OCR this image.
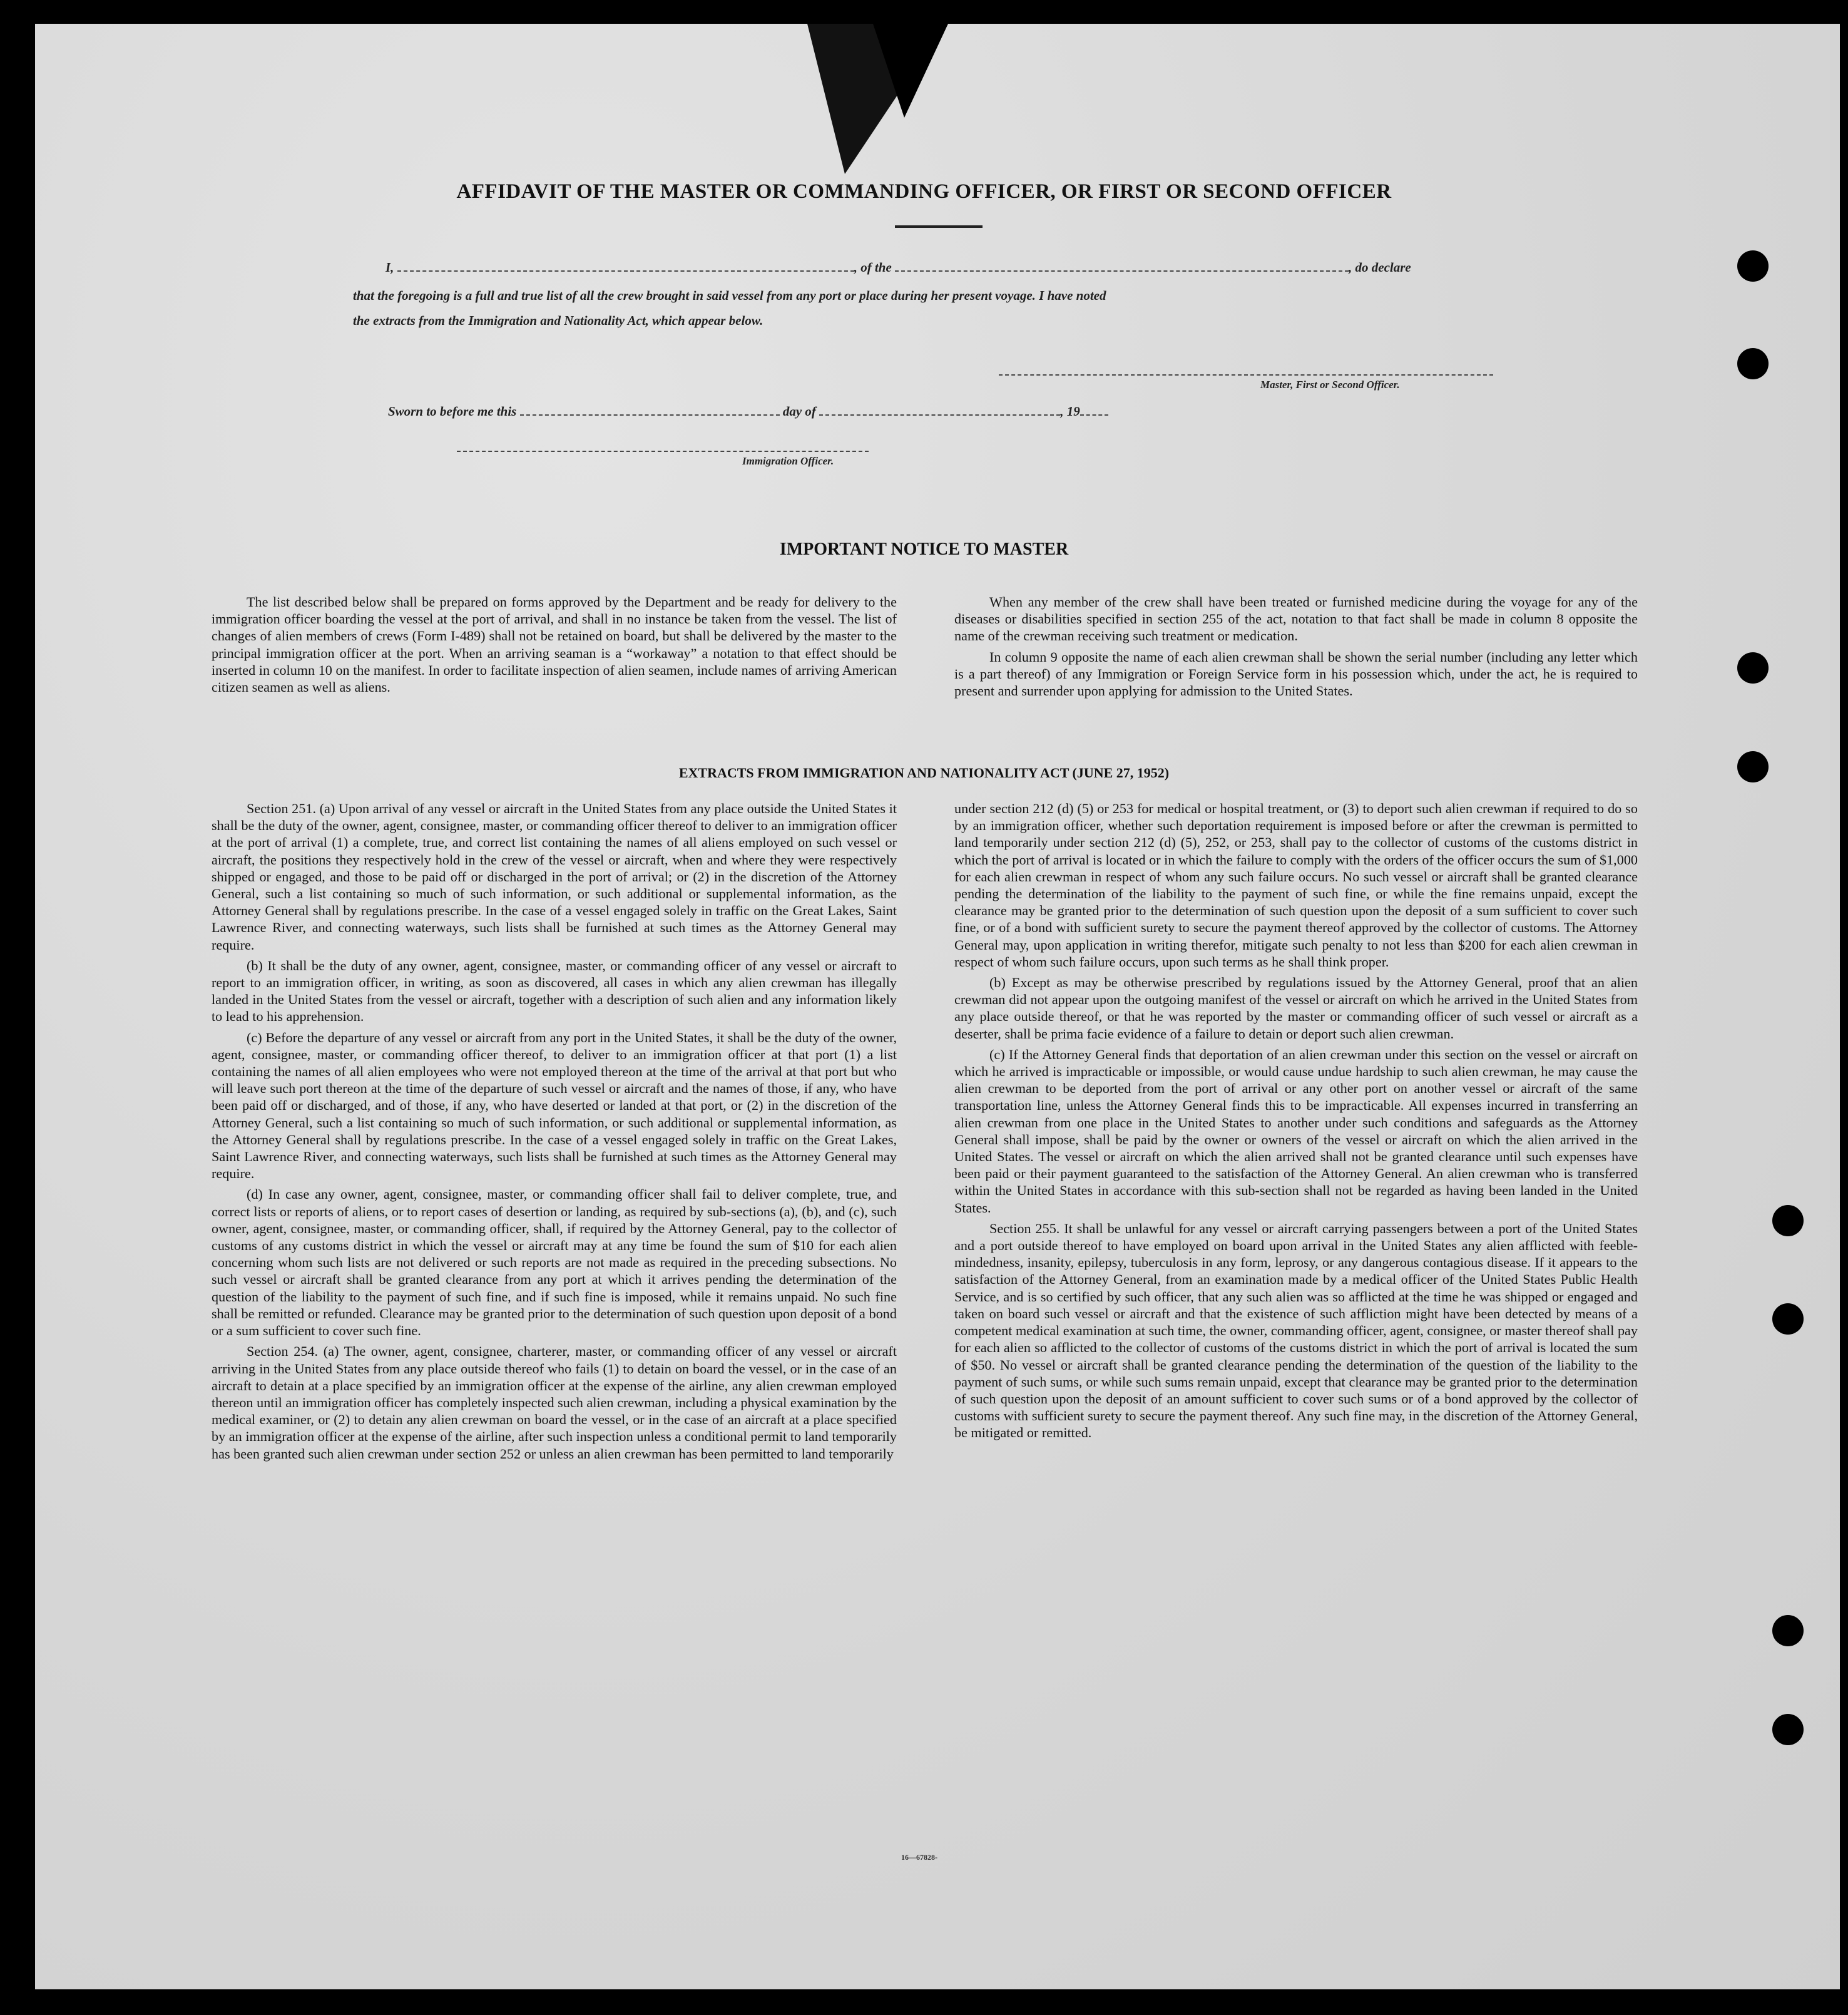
AFFIDAVIT OF THE MASTER OR COMMANDING OFFICER, OR FIRST OR SECOND OFFICER
I,	, of the	, do declare
that the foregoing is a full and true list of all the crew brought in said vessel from any port or place during her present voyage. I have noted
the extracts from the Immigration and Nationality Act, which appear below.
Master, First or Second Officer.
Sworn to before me this	day of	, 19
Immigration Officer.
IMPORTANT NOTICE TO MASTER

The list described below shall be prepared on forms approved by the Department and be ready for delivery to the immigration officer boarding the vessel at the port of arrival, and shall in no instance be taken from the vessel. The list of changes of alien members of crews (Form I-489) shall not be retained on board, but shall be delivered by the master to the principal immigration officer at the port. When an arriving seaman is a “workaway” a notation to that effect should be inserted in column 10 on the manifest. In order to facilitate inspection of alien seamen, include names of arriving American citizen seamen as well as aliens.

When any member of the crew shall have been treated or furnished medicine during the voyage for any of the diseases or disabilities specified in section 255 of the act, notation to that fact shall be made in column 8 opposite the name of the crewman receiving such treatment or medication.

In column 9 opposite the name of each alien crewman shall be shown the serial number (including any letter which is a part thereof) of any Immigration or Foreign Service form in his possession which, under the act, he is required to present and surrender upon applying for admission to the United States.

EXTRACTS FROM IMMIGRATION AND NATIONALITY ACT (JUNE 27, 1952)

Section 251. (a) Upon arrival of any vessel or aircraft in the United States from any place outside the United States it shall be the duty of the owner, agent, consignee, master, or commanding officer thereof to deliver to an immigration officer at the port of arrival (1) a complete, true, and correct list containing the names of all aliens employed on such vessel or aircraft, the positions they respectively hold in the crew of the vessel or aircraft, when and where they were respectively shipped or engaged, and those to be paid off or discharged in the port of arrival; or (2) in the discretion of the Attorney General, such a list containing so much of such information, or such additional or supplemental information, as the Attorney General shall by regulations prescribe. In the case of a vessel engaged solely in traffic on the Great Lakes, Saint Lawrence River, and connecting waterways, such lists shall be furnished at such times as the Attorney General may require.

(b) It shall be the duty of any owner, agent, consignee, master, or commanding officer of any vessel or aircraft to report to an immigration officer, in writing, as soon as discovered, all cases in which any alien crewman has illegally landed in the United States from the vessel or aircraft, together with a description of such alien and any information likely to lead to his apprehension.

(c) Before the departure of any vessel or aircraft from any port in the United States, it shall be the duty of the owner, agent, consignee, master, or commanding officer thereof, to deliver to an immigration officer at that port (1) a list containing the names of all alien employees who were not employed thereon at the time of the arrival at that port but who will leave such port thereon at the time of the departure of such vessel or aircraft and the names of those, if any, who have been paid off or discharged, and of those, if any, who have deserted or landed at that port, or (2) in the discretion of the Attorney General, such a list containing so much of such information, or such additional or supplemental information, as the Attorney General shall by regulations prescribe. In the case of a vessel engaged solely in traffic on the Great Lakes, Saint Lawrence River, and connecting waterways, such lists shall be furnished at such times as the Attorney General may require.

(d) In case any owner, agent, consignee, master, or commanding officer shall fail to deliver complete, true, and correct lists or reports of aliens, or to report cases of desertion or landing, as required by sub-sections (a), (b), and (c), such owner, agent, consignee, master, or commanding officer, shall, if required by the Attorney General, pay to the collector of customs of any customs district in which the vessel or aircraft may at any time be found the sum of $10 for each alien concerning whom such lists are not delivered or such reports are not made as required in the preceding subsections. No such vessel or aircraft shall be granted clearance from any port at which it arrives pending the determination of the question of the liability to the payment of such fine, and if such fine is imposed, while it remains unpaid. No such fine shall be remitted or refunded. Clearance may be granted prior to the determination of such question upon deposit of a bond or a sum sufficient to cover such fine.

Section 254. (a) The owner, agent, consignee, charterer, master, or commanding officer of any vessel or aircraft arriving in the United States from any place outside thereof who fails (1) to detain on board the vessel, or in the case of an aircraft to detain at a place specified by an immigration officer at the expense of the airline, any alien crewman employed thereon until an immigration officer has completely inspected such alien crewman, including a physical examination by the medical examiner, or (2) to detain any alien crewman on board the vessel, or in the case of an aircraft at a place specified by an immigration officer at the expense of the airline, after such inspection unless a conditional permit to land temporarily has been granted such alien crewman under section 252 or unless an alien crewman has been permitted to land temporarily

under section 212 (d) (5) or 253 for medical or hospital treatment, or (3) to deport such alien crewman if required to do so by an immigration officer, whether such deportation requirement is imposed before or after the crewman is permitted to land temporarily under section 212 (d) (5), 252, or 253, shall pay to the collector of customs of the customs district in which the port of arrival is located or in which the failure to comply with the orders of the officer occurs the sum of $1,000 for each alien crewman in respect of whom any such failure occurs. No such vessel or aircraft shall be granted clearance pending the determination of the liability to the payment of such fine, or while the fine remains unpaid, except the clearance may be granted prior to the determination of such question upon the deposit of a sum sufficient to cover such fine, or of a bond with sufficient surety to secure the payment thereof approved by the collector of customs. The Attorney General may, upon application in writing therefor, mitigate such penalty to not less than $200 for each alien crewman in respect of whom such failure occurs, upon such terms as he shall think proper.

(b) Except as may be otherwise prescribed by regulations issued by the Attorney General, proof that an alien crewman did not appear upon the outgoing manifest of the vessel or aircraft on which he arrived in the United States from any place outside thereof, or that he was reported by the master or commanding officer of such vessel or aircraft as a deserter, shall be prima facie evidence of a failure to detain or deport such alien crewman.

(c) If the Attorney General finds that deportation of an alien crewman under this section on the vessel or aircraft on which he arrived is impracticable or impossible, or would cause undue hardship to such alien crewman, he may cause the alien crewman to be deported from the port of arrival or any other port on another vessel or aircraft of the same transportation line, unless the Attorney General finds this to be impracticable. All expenses incurred in transferring an alien crewman from one place in the United States to another under such conditions and safeguards as the Attorney General shall impose, shall be paid by the owner or owners of the vessel or aircraft on which the alien arrived in the United States. The vessel or aircraft on which the alien arrived shall not be granted clearance until such expenses have been paid or their payment guaranteed to the satisfaction of the Attorney General. An alien crewman who is transferred within the United States in accordance with this sub-section shall not be regarded as having been landed in the United States.

Section 255. It shall be unlawful for any vessel or aircraft carrying passengers between a port of the United States and a port outside thereof to have employed on board upon arrival in the United States any alien afflicted with feeble-mindedness, insanity, epilepsy, tuberculosis in any form, leprosy, or any dangerous contagious disease. If it appears to the satisfaction of the Attorney General, from an examination made by a medical officer of the United States Public Health Service, and is so certified by such officer, that any such alien was so afflicted at the time he was shipped or engaged and taken on board such vessel or aircraft and that the existence of such affliction might have been detected by means of a competent medical examination at such time, the owner, commanding officer, agent, consignee, or master thereof shall pay for each alien so afflicted to the collector of customs of the customs district in which the port of arrival is located the sum of $50. No vessel or aircraft shall be granted clearance pending the determination of the question of the liability to the payment of such sums, or while such sums remain unpaid, except that clearance may be granted prior to the determination of such question upon the deposit of an amount sufficient to cover such sums or of a bond approved by the collector of customs with sufficient surety to secure the payment thereof. Any such fine may, in the discretion of the Attorney General, be mitigated or remitted.

16—67828-
